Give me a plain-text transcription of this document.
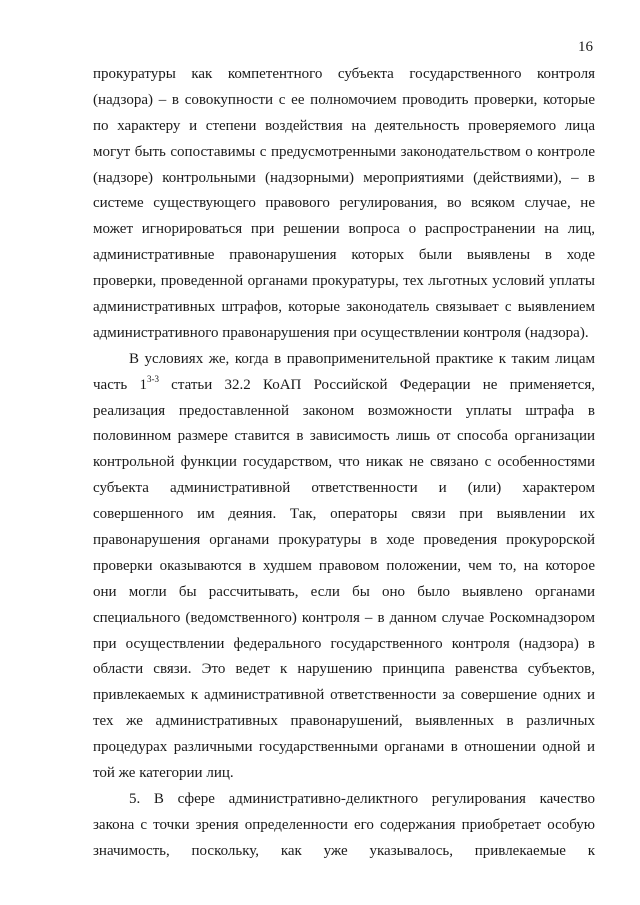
16
прокуратуры как компетентного субъекта государственного контроля
(надзора) – в совокупности с ее полномочием проводить проверки, которые
по характеру и степени воздействия на деятельность проверяемого лица
могут быть сопоставимы с предусмотренными законодательством о контроле
(надзоре) контрольными (надзорными) мероприятиями (действиями), – в
системе существующего правового регулирования, во всяком случае, не
может игнорироваться при решении вопроса о распространении на лиц,
административные правонарушения которых были выявлены в ходе
проверки, проведенной органами прокуратуры, тех льготных условий уплаты
административных штрафов, которые законодатель связывает с выявлением
административного правонарушения при осуществлении контроля (надзора).
В условиях же, когда в правоприменительной практике к таким лицам
часть 1$^{3-3}$ статьи 32.2 КоАП Российской Федерации не применяется,
реализация предоставленной законом возможности уплаты штрафа в
половинном размере ставится в зависимость лишь от способа организации
контрольной функции государством, что никак не связано с особенностями
субъекта административной ответственности и (или) характером
совершенного им деяния. Так, операторы связи при выявлении их
правонарушения органами прокуратуры в ходе проведения прокурорской
проверки оказываются в худшем правовом положении, чем то, на которое
они могли бы рассчитывать, если бы оно было выявлено органами
специального (ведомственного) контроля – в данном случае Роскомнадзором
при осуществлении федерального государственного контроля (надзора) в
области связи. Это ведет к нарушению принципа равенства субъектов,
привлекаемых к административной ответственности за совершение одних и
тех же административных правонарушений, выявленных в различных
процедурах различными государственными органами в отношении одной и
той же категории лиц.
5. В сфере административно-деликтного регулирования качество
закона с точки зрения определенности его содержания приобретает особую
значимость, поскольку, как уже указывалось, привлекаемые к
